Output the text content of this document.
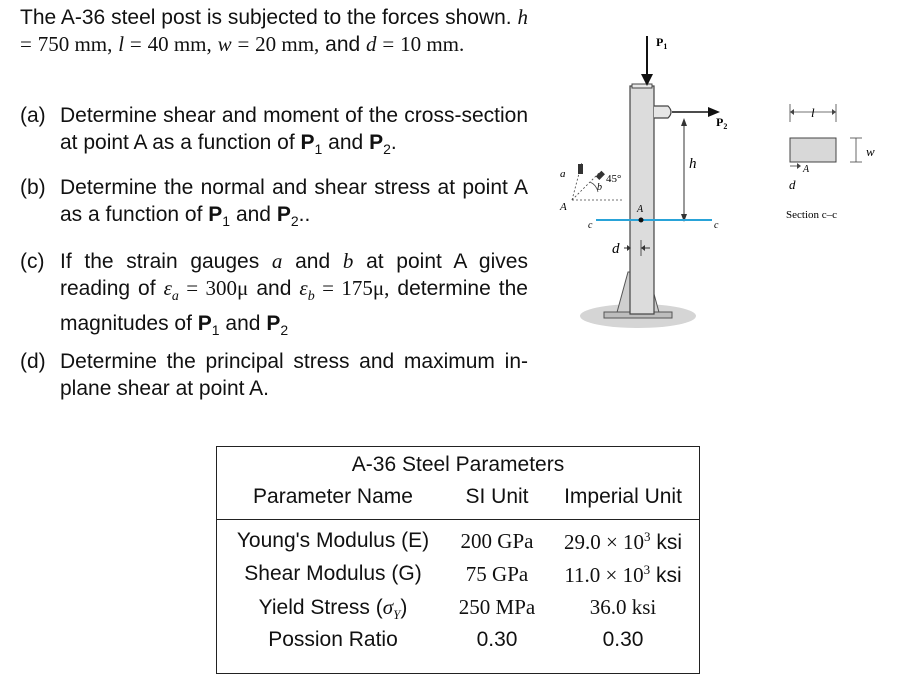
The A-36 steel post is subjected to the forces shown. h = 750 mm, l = 40 mm, w = 20 mm, and d = 10 mm.

(a) Determine shear and moment of the cross-section at point A as a function of $P_1$ and $P_2$.
(b) Determine the normal and shear stress at point A as a function of $P_1$ and $P_2$..
(c) If the strain gauges a and b at point A gives reading of $\varepsilon_a = 300\mu$ and $\varepsilon_b = 175\mu$, determine the magnitudes of $P_1$ and $P_2$
(d) Determine the principal stress and maximum in-plane shear at point A.
$P_1$
$P_2$
h
c	c
A
d
a
b
45°
A
l
w
A
d
Section c–c
A-36 Steel Parameters
Parameter Name	SI Unit	Imperial Unit
Young's Modulus (E)	200 GPa	$29.0 \times 10^3$ ksi
Shear Modulus (G)	75 GPa	$11.0 \times 10^3$ ksi
Yield Stress $(\sigma_Y)$	250 MPa	36.0 ksi
Possion Ratio	0.30	0.30
